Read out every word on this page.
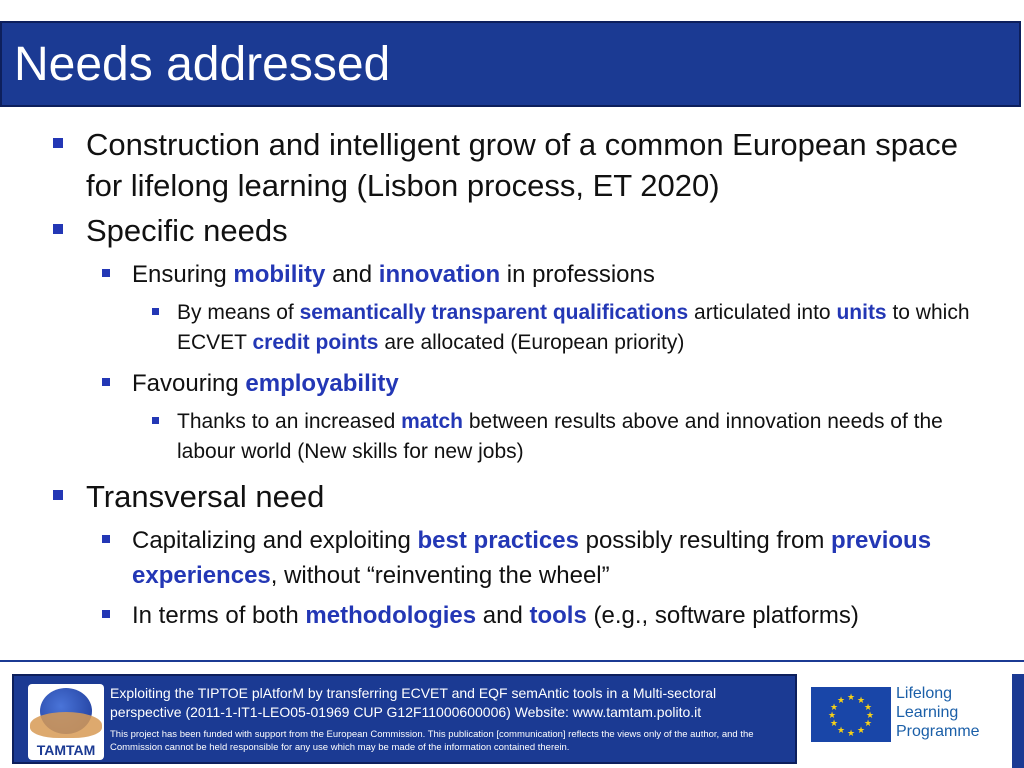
Needs addressed
Construction and intelligent grow of a common European space for lifelong learning (Lisbon process, ET 2020)
Specific needs
Ensuring mobility and innovation in professions
By means of semantically transparent qualifications articulated into units to which ECVET credit points are allocated (European priority)
Favouring employability
Thanks to an increased match between results above and innovation needs of the labour world (New skills for new jobs)
Transversal need
Capitalizing and exploiting best practices possibly resulting from previous experiences, without “reinventing the wheel”
In terms of both methodologies and tools (e.g., software platforms)
TAMTAM
Exploiting the TIPTOE plAtforM by transferring ECVET and EQF semAntic tools in a Multi-sectoral perspective (2011-1-IT1-LEO05-01969 CUP G12F11000600006) Website: www.tamtam.polito.it
This project has been funded with support from the European Commission. This publication [communication] reflects the views only of the author, and the Commission cannot be held responsible for any use which may be made of the information contained therein.
★ ★
★
★
★
★
★
★
★
★
★
★	Lifelong
Learning
Programme
